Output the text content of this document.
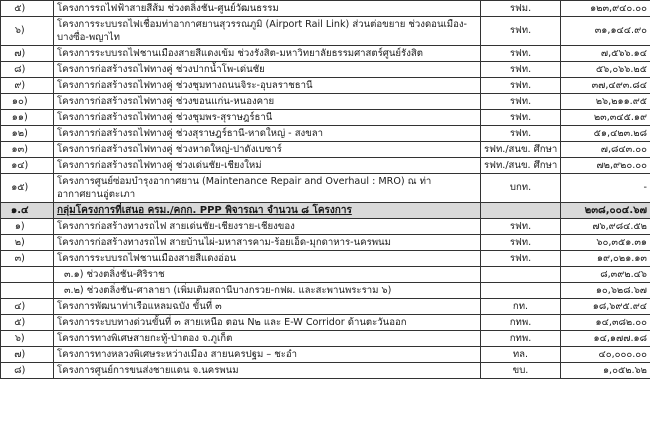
๕)		โครงการรถไฟฟ้าสายสีส้ม ช่วงตลิ่งชัน-ศูนย์วัฒนธรรม	รฟม.	๑๒๓,๙๔๐.๐๐
๖)		โครงการระบบรถไฟเชื่อมท่าอากาศยานสุวรรณภูมิ (Airport Rail Link) ส่วนต่อขยาย ช่วงดอนเมือง-บางซื่อ-พญาไท	รฟท.	๓๑,๑๔๔.๙๐
๗)		โครงการระบบรถไฟชานเมืองสายสีแดงเข้ม ช่วงรังสิต-มหาวิทยาลัยธรรมศาสตร์ศูนย์รังสิต	รฟท.	๗,๕๖๖.๑๔
๘)		โครงการก่อสร้างรถไฟทางคู่ ช่วงปากน้ำโพ-เด่นชัย	รฟท.	๕๖,๐๖๖.๒๕
๙)		โครงการก่อสร้างรถไฟทางคู่ ช่วงชุมทางถนนจิระ-อุบลราชธานี	รฟท.	๓๗,๔๙๓.๘๔
๑๐)		โครงการก่อสร้างรถไฟทางคู่ ช่วงขอนแก่น-หนองคาย	รฟท.	๒๖,๒๑๑.๙๕
๑๑)		โครงการก่อสร้างรถไฟทางคู่ ช่วงชุมพร-สุราษฎร์ธานี	รฟท.	๒๓,๓๔๕.๑๙
๑๒)		โครงการก่อสร้างรถไฟทางคู่ ช่วงสุราษฎร์ธานี-หาดใหญ่ - สงขลา	รฟท.	๕๑,๔๒๓.๒๘
๑๓)		โครงการก่อสร้างรถไฟทางคู่ ช่วงหาดใหญ่-ปาดังเบซาร์	รฟท./สนข. ศึกษา	๗,๘๔๓.๐๐
๑๔)		โครงการก่อสร้างรถไฟทางคู่ ช่วงเด่นชัย-เชียงใหม่	รฟท./สนข. ศึกษา	๗๒,๙๒๐.๐๐
๑๕)		โครงการศูนย์ซ่อมบำรุงอากาศยาน (Maintenance Repair and Overhaul : MRO) ณ ท่าอากาศยานอู่ตะเภา	บกท.	-
๑.๔		กลุ่มโครงการที่เสนอ ครม./คกก. PPP พิจารณา จำนวน ๘ โครงการ		๒๓๘,๐๐๔.๖๗
๑)		โครงการก่อสร้างทางรถไฟ สายเด่นชัย-เชียงราย-เชียงของ	รฟท.	๗๖,๙๘๔.๕๒
๒)		โครงการก่อสร้างทางรถไฟ สายบ้านไผ่-มหาสารคาม-ร้อยเอ็ด-มุกดาหาร-นครพนม	รฟท.	๖๐,๓๕๑.๓๑
๓)		โครงการระบบรถไฟชานเมืองสายสีแดงอ่อน	รฟท.	๑๙,๐๒๑.๑๓
		๓.๑) ช่วงตลิ่งชัน-ศิริราช		๘,๓๙๒.๔๖
		๓.๒) ช่วงตลิ่งชัน-ศาลายา (เพิ่มเติมสถานีบางกรวย-กฟผ. และสะพานพระราม ๖)		๑๐,๖๒๘.๖๗
๔)		โครงการพัฒนาท่าเรือแหลมฉบัง ขั้นที่ ๓	กท.	๑๘,๖๙๕.๙๔
๕)		โครงการระบบทางด่วนขั้นที่ ๓ สายเหนือ ตอน N๒ และ E-W Corridor ด้านตะวันออก	กทพ.	๑๔,๓๘๒.๐๐
๖)		โครงการทางพิเศษสายกะทู้-ป่าตอง จ.ภูเก็ต	กทพ.	๑๔,๑๗๗.๑๘
๗)		โครงการทางหลวงพิเศษระหว่างเมือง สายนครปฐม – ชะอำ	ทล.	๔๐,๐๐๐.๐๐
๘)		โครงการศูนย์การขนส่งชายแดน จ.นครพนม	ขบ.	๑,๐๕๒.๖๒
